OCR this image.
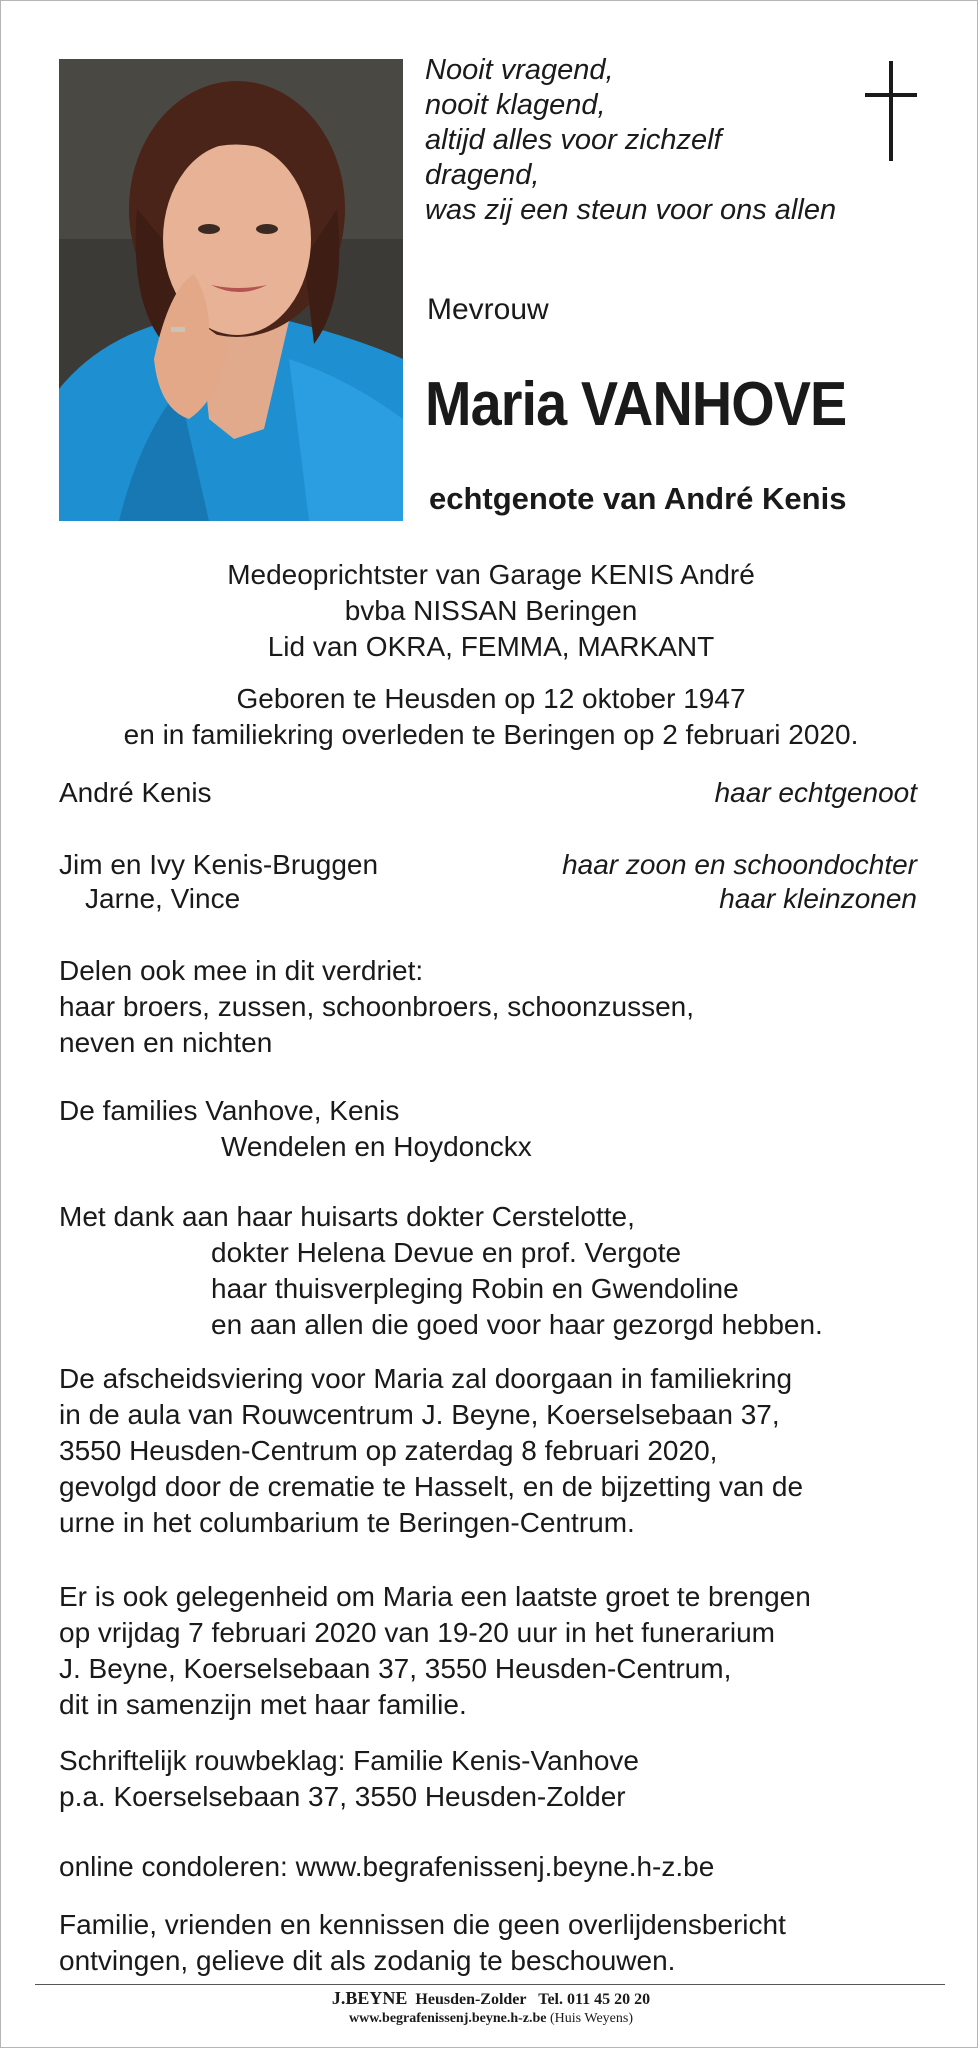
Nooit vragend,
nooit klagend,
altijd alles voor zichzelf
dragend,
was zij een steun voor ons allen
Mevrouw
Maria VANHOVE
echtgenote van André Kenis
Medeoprichtster van Garage KENIS André
bvba NISSAN Beringen
Lid van OKRA, FEMMA, MARKANT
Geboren te Heusden op 12 oktober 1947
en in familiekring overleden te Beringen op 2 februari 2020.
André Kenis	haar echtgenoot
Jim en Ivy Kenis-Bruggen	haar zoon en schoondochter
Jarne, Vince	haar kleinzonen
Delen ook mee in dit verdriet:
haar broers, zussen, schoonbroers, schoonzussen,
neven en nichten
De families Vanhove, Kenis
Wendelen en Hoydonckx
Met dank aan haar huisarts dokter Cerstelotte,
dokter Helena Devue en prof. Vergote
haar thuisverpleging Robin en Gwendoline
en aan allen die goed voor haar gezorgd hebben.
De afscheidsviering voor Maria zal doorgaan in familiekring
in de aula van Rouwcentrum J. Beyne, Koerselsebaan 37,
3550 Heusden-Centrum op zaterdag 8 februari 2020,
gevolgd door de crematie te Hasselt, en de bijzetting van de
urne in het columbarium te Beringen-Centrum.
Er is ook gelegenheid om Maria een laatste groet te brengen
op vrijdag 7 februari 2020 van 19-20 uur in het funerarium
J. Beyne, Koerselsebaan 37, 3550 Heusden-Centrum,
dit in samenzijn met haar familie.
Schriftelijk rouwbeklag: Familie Kenis-Vanhove
p.a. Koerselsebaan 37, 3550 Heusden-Zolder
online condoleren: www.begrafenissenj.beyne.h-z.be
Familie, vrienden en kennissen die geen overlijdensbericht
ontvingen, gelieve dit als zodanig te beschouwen.
J.BEYNE Heusden-Zolder Tel. 011 45 20 20
www.begrafenissenj.beyne.h-z.be (Huis Weyens)
